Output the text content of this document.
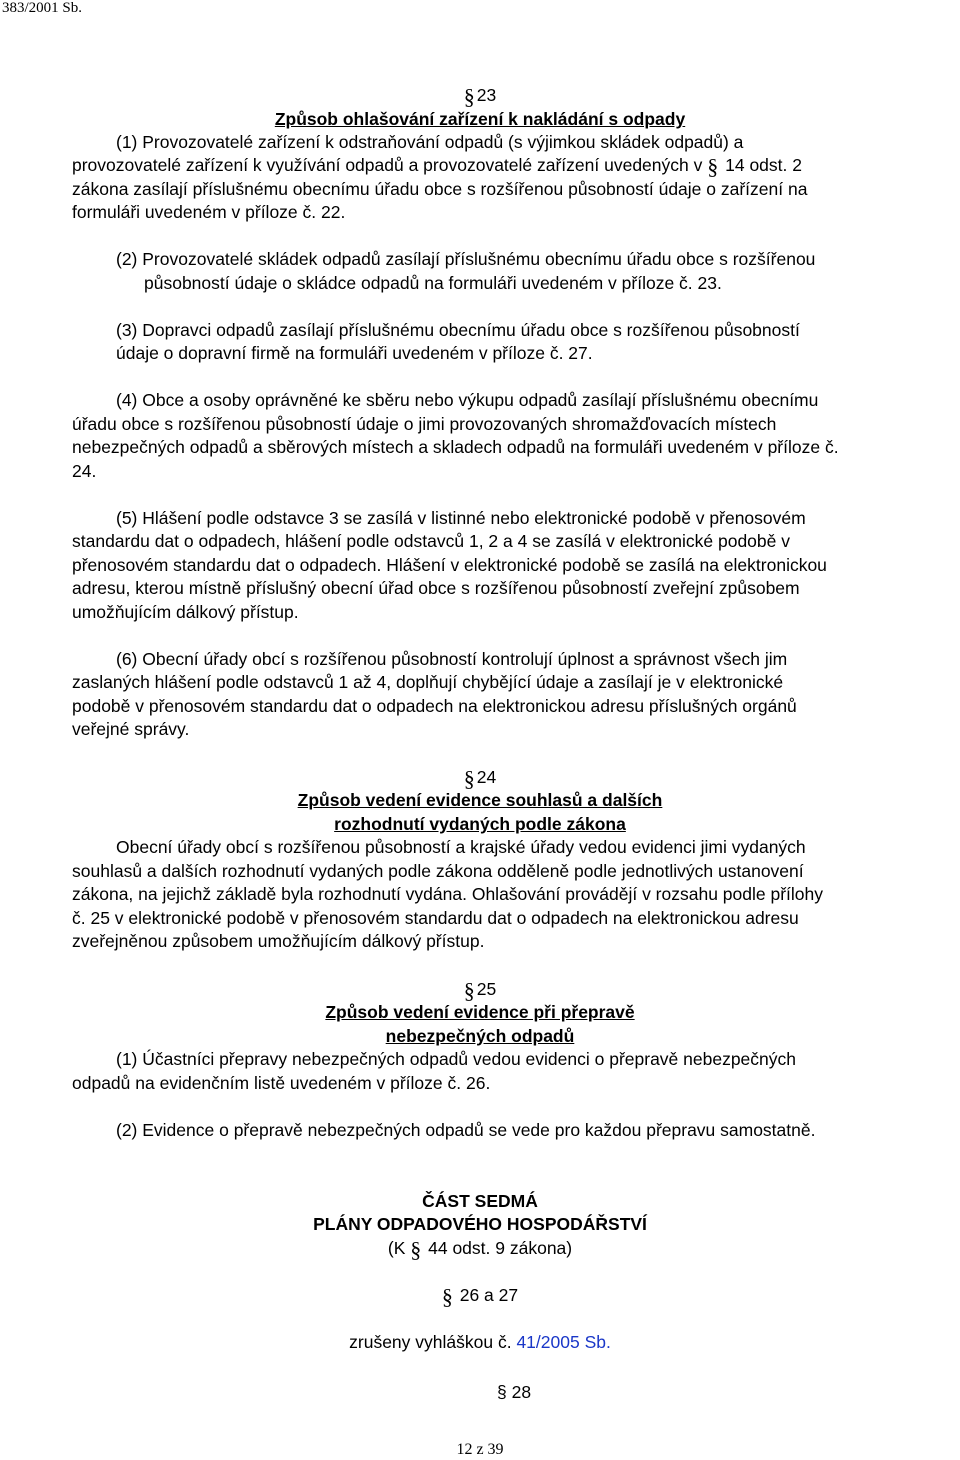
383/2001 Sb.
§ 23
Způsob ohlašování zařízení k nakládání s odpady
(1) Provozovatelé zařízení k odstraňování odpadů (s výjimkou skládek odpadů) a
provozovatelé zařízení k využívání odpadů a provozovatelé zařízení uvedených v § 14 odst. 2
zákona zasílají příslušnému obecnímu úřadu obce s rozšířenou působností údaje o zařízení na
formuláři uvedeném v příloze č. 22.
(2) Provozovatelé skládek odpadů zasílají příslušnému obecnímu úřadu obce s rozšířenou
působností údaje o skládce odpadů na formuláři uvedeném v příloze č. 23.
(3) Dopravci odpadů zasílají příslušnému obecnímu úřadu obce s rozšířenou působností
údaje o dopravní firmě na formuláři uvedeném v příloze č. 27.
(4) Obce a osoby oprávněné ke sběru nebo výkupu odpadů zasílají příslušnému obecnímu
úřadu obce s rozšířenou působností údaje o jimi provozovaných shromažďovacích místech
nebezpečných odpadů a sběrových místech a skladech odpadů na formuláři uvedeném v příloze č.
24.
(5) Hlášení podle odstavce 3 se zasílá v listinné nebo elektronické podobě v přenosovém
standardu dat o odpadech, hlášení podle odstavců 1, 2 a 4 se zasílá v elektronické podobě v
přenosovém standardu dat o odpadech. Hlášení v elektronické podobě se zasílá na elektronickou
adresu, kterou místně příslušný obecní úřad obce s rozšířenou působností zveřejní způsobem
umožňujícím dálkový přístup.
(6) Obecní úřady obcí s rozšířenou působností kontrolují úplnost a správnost všech jim
zaslaných hlášení podle odstavců 1 až 4, doplňují chybějící údaje a zasílají je v elektronické
podobě v přenosovém standardu dat o odpadech na elektronickou adresu příslušných orgánů
veřejné správy.
§ 24
Způsob vedení evidence souhlasů a dalších
rozhodnutí vydaných podle zákona
Obecní úřady obcí s rozšířenou působností a krajské úřady vedou evidenci jimi vydaných
souhlasů a dalších rozhodnutí vydaných podle zákona odděleně podle jednotlivých ustanovení
zákona, na jejichž základě byla rozhodnutí vydána. Ohlašování provádějí v rozsahu podle přílohy
č. 25 v elektronické podobě v přenosovém standardu dat o odpadech na elektronickou adresu
zveřejněnou způsobem umožňujícím dálkový přístup.
§ 25
Způsob vedení evidence při přepravě
nebezpečných odpadů
(1) Účastníci přepravy nebezpečných odpadů vedou evidenci o přepravě nebezpečných
odpadů na evidenčním listě uvedeném v příloze č. 26.
(2) Evidence o přepravě nebezpečných odpadů se vede pro každou přepravu samostatně.
ČÁST SEDMÁ
PLÁNY ODPADOVÉHO HOSPODÁŘSTVÍ
(K § 44 odst. 9 zákona)
§ 26 a 27
zrušeny vyhláškou č. 41/2005 Sb.
§ 28
12 z 39
